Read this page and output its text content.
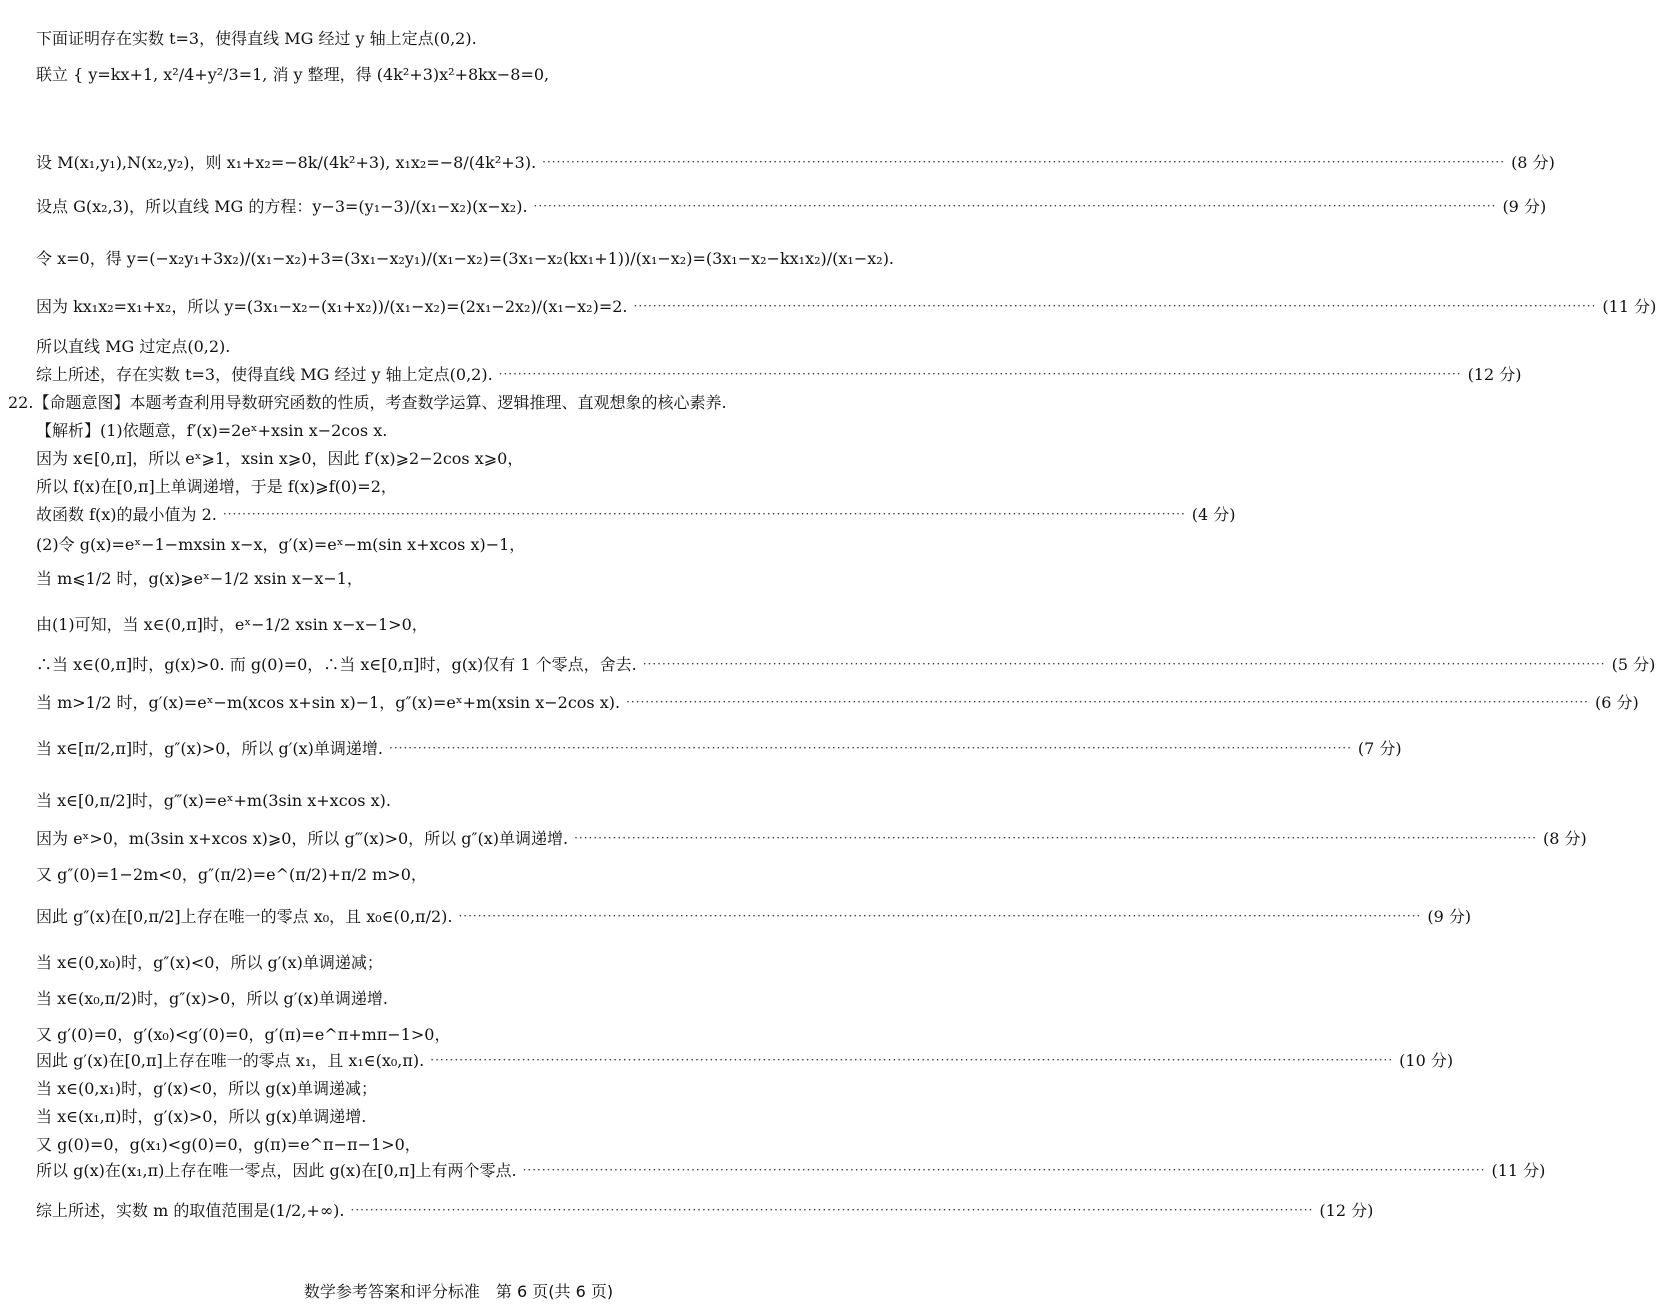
下面证明存在实数 t=3，使得直线 MG 经过 y 轴上定点(0,2).
联立 { y=kx+1, x²/4+y²/3=1, 消 y 整理，得 (4k²+3)x²+8kx−8=0,
设 M(x₁,y₁),N(x₂,y₂)，则 x₁+x₂=−8k/(4k²+3), x₁x₂=−8/(4k²+3). ········································································································································································································ (8 分)
设点 G(x₂,3)，所以直线 MG 的方程：y−3=(y₁−3)/(x₁−x₂)(x−x₂). ········································································································································································································ (9 分)
令 x=0，得 y=(−x₂y₁+3x₂)/(x₁−x₂)+3=(3x₁−x₂y₁)/(x₁−x₂)=(3x₁−x₂(kx₁+1))/(x₁−x₂)=(3x₁−x₂−kx₁x₂)/(x₁−x₂).
因为 kx₁x₂=x₁+x₂，所以 y=(3x₁−x₂−(x₁+x₂))/(x₁−x₂)=(2x₁−2x₂)/(x₁−x₂)=2. ········································································································································································································ (11 分)
所以直线 MG 过定点(0,2).
综上所述，存在实数 t=3，使得直线 MG 经过 y 轴上定点(0,2). ········································································································································································································ (12 分)
22.【命题意图】本题考查利用导数研究函数的性质，考查数学运算、逻辑推理、直观想象的核心素养.
【解析】(1)依题意，f′(x)=2eˣ+xsin x−2cos x.
因为 x∈[0,π]，所以 eˣ⩾1，xsin x⩾0，因此 f′(x)⩾2−2cos x⩾0，
所以 f(x)在[0,π]上单调递增，于是 f(x)⩾f(0)=2，
故函数 f(x)的最小值为 2. ········································································································································································································ (4 分)
(2)令 g(x)=eˣ−1−mxsin x−x，g′(x)=eˣ−m(sin x+xcos x)−1，
当 m⩽1/2 时，g(x)⩾eˣ−1/2 xsin x−x−1，
由(1)可知，当 x∈(0,π]时，eˣ−1/2 xsin x−x−1>0，
∴当 x∈(0,π]时，g(x)>0. 而 g(0)=0，∴当 x∈[0,π]时，g(x)仅有 1 个零点，舍去. ········································································································································································································ (5 分)
当 m>1/2 时，g′(x)=eˣ−m(xcos x+sin x)−1，g″(x)=eˣ+m(xsin x−2cos x). ········································································································································································································ (6 分)
当 x∈[π/2,π]时，g″(x)>0，所以 g′(x)单调递增. ········································································································································································································ (7 分)
当 x∈[0,π/2]时，g‴(x)=eˣ+m(3sin x+xcos x).
因为 eˣ>0，m(3sin x+xcos x)⩾0，所以 g‴(x)>0，所以 g″(x)单调递增. ········································································································································································································ (8 分)
又 g″(0)=1−2m<0，g″(π/2)=e^(π/2)+π/2 m>0，
因此 g″(x)在[0,π/2]上存在唯一的零点 x₀，且 x₀∈(0,π/2). ········································································································································································································ (9 分)
当 x∈(0,x₀)时，g″(x)<0，所以 g′(x)单调递减；
当 x∈(x₀,π/2)时，g″(x)>0，所以 g′(x)单调递增.
又 g′(0)=0，g′(x₀)<g′(0)=0，g′(π)=e^π+mπ−1>0，
因此 g′(x)在[0,π]上存在唯一的零点 x₁，且 x₁∈(x₀,π). ········································································································································································································ (10 分)
当 x∈(0,x₁)时，g′(x)<0，所以 g(x)单调递减；
当 x∈(x₁,π)时，g′(x)>0，所以 g(x)单调递增.
又 g(0)=0，g(x₁)<g(0)=0，g(π)=e^π−π−1>0，
所以 g(x)在(x₁,π)上存在唯一零点，因此 g(x)在[0,π]上有两个零点. ········································································································································································································ (11 分)
综上所述，实数 m 的取值范围是(1/2,+∞). ········································································································································································································ (12 分)
数学参考答案和评分标准　第 6 页(共 6 页)
